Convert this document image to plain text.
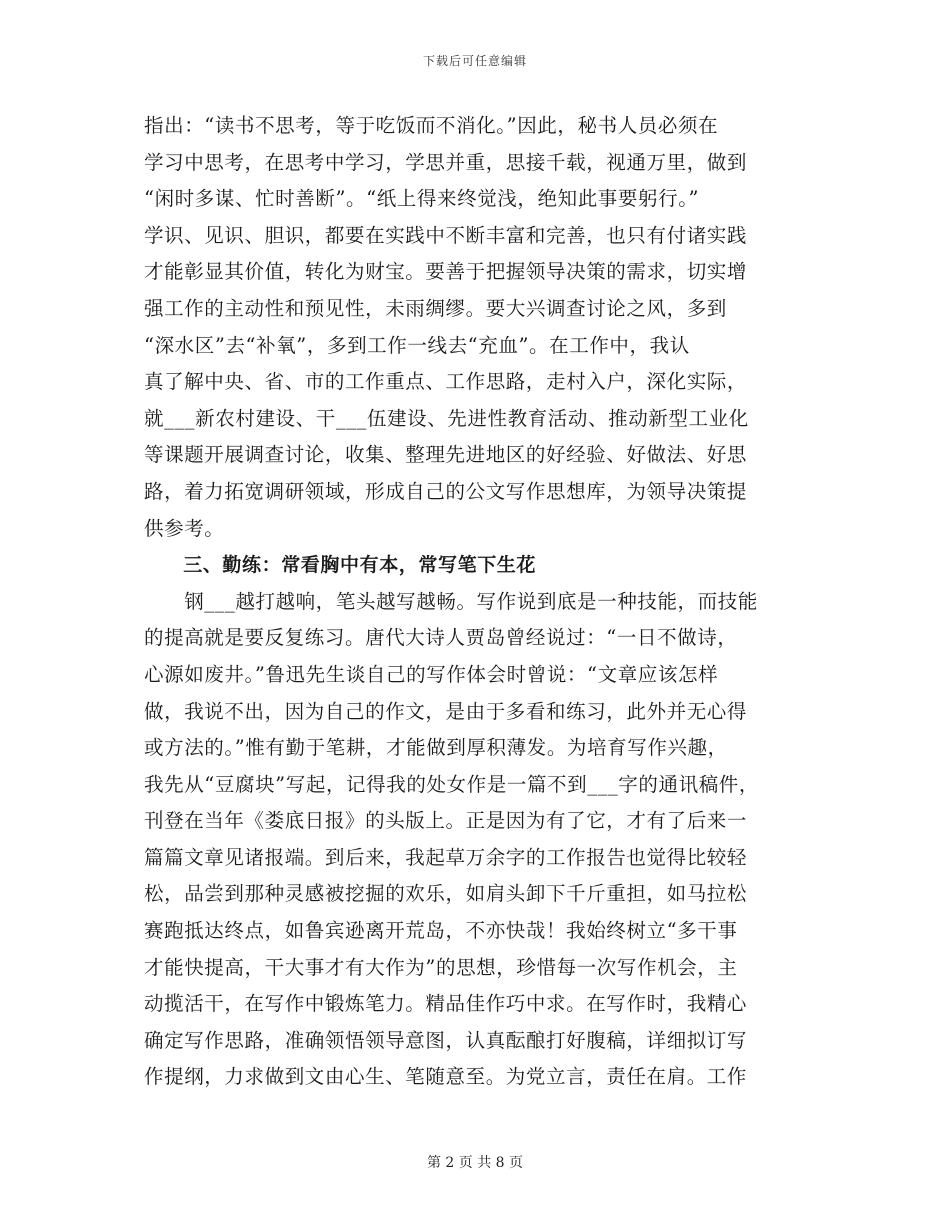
下载后可任意编辑
指出：“读书不思考，等于吃饭而不消化。”因此，秘书人员必须在
学习中思考，在思考中学习，学思并重，思接千载，视通万里，做到
“闲时多谋、忙时善断”。“纸上得来终觉浅，绝知此事要躬行。”
学识、见识、胆识，都要在实践中不断丰富和完善，也只有付诸实践
才能彰显其价值，转化为财宝。要善于把握领导决策的需求，切实增
强工作的主动性和预见性，未雨绸缪。要大兴调查讨论之风，多到
“深水区”去“补氧”，多到工作一线去“充血”。在工作中，我认
真了解中央、省、市的工作重点、工作思路，走村入户，深化实际，
就___新农村建设、干___伍建设、先进性教育活动、推动新型工业化
等课题开展调查讨论，收集、整理先进地区的好经验、好做法、好思
路，着力拓宽调研领域，形成自己的公文写作思想库，为领导决策提
供参考。
　　三、勤练：常看胸中有本，常写笔下生花
　　钢___越打越响，笔头越写越畅。写作说到底是一种技能，而技能
的提高就是要反复练习。唐代大诗人贾岛曾经说过：“一日不做诗，
心源如废井。”鲁迅先生谈自己的写作体会时曾说：“文章应该怎样
做，我说不出，因为自己的作文，是由于多看和练习，此外并无心得
或方法的。”惟有勤于笔耕，才能做到厚积薄发。为培育写作兴趣，
我先从“豆腐块”写起，记得我的处女作是一篇不到___字的通讯稿件，
刊登在当年《娄底日报》的头版上。正是因为有了它，才有了后来一
篇篇文章见诸报端。到后来，我起草万余字的工作报告也觉得比较轻
松，品尝到那种灵感被挖掘的欢乐，如肩头卸下千斤重担，如马拉松
赛跑抵达终点，如鲁宾逊离开荒岛，不亦快哉！我始终树立“多干事
才能快提高，干大事才有大作为”的思想，珍惜每一次写作机会，主
动揽活干，在写作中锻炼笔力。精品佳作巧中求。在写作时，我精心
确定写作思路，准确领悟领导意图，认真酝酿打好腹稿，详细拟订写
作提纲，力求做到文由心生、笔随意至。为党立言，责任在肩。工作
第 2 页 共 8 页
